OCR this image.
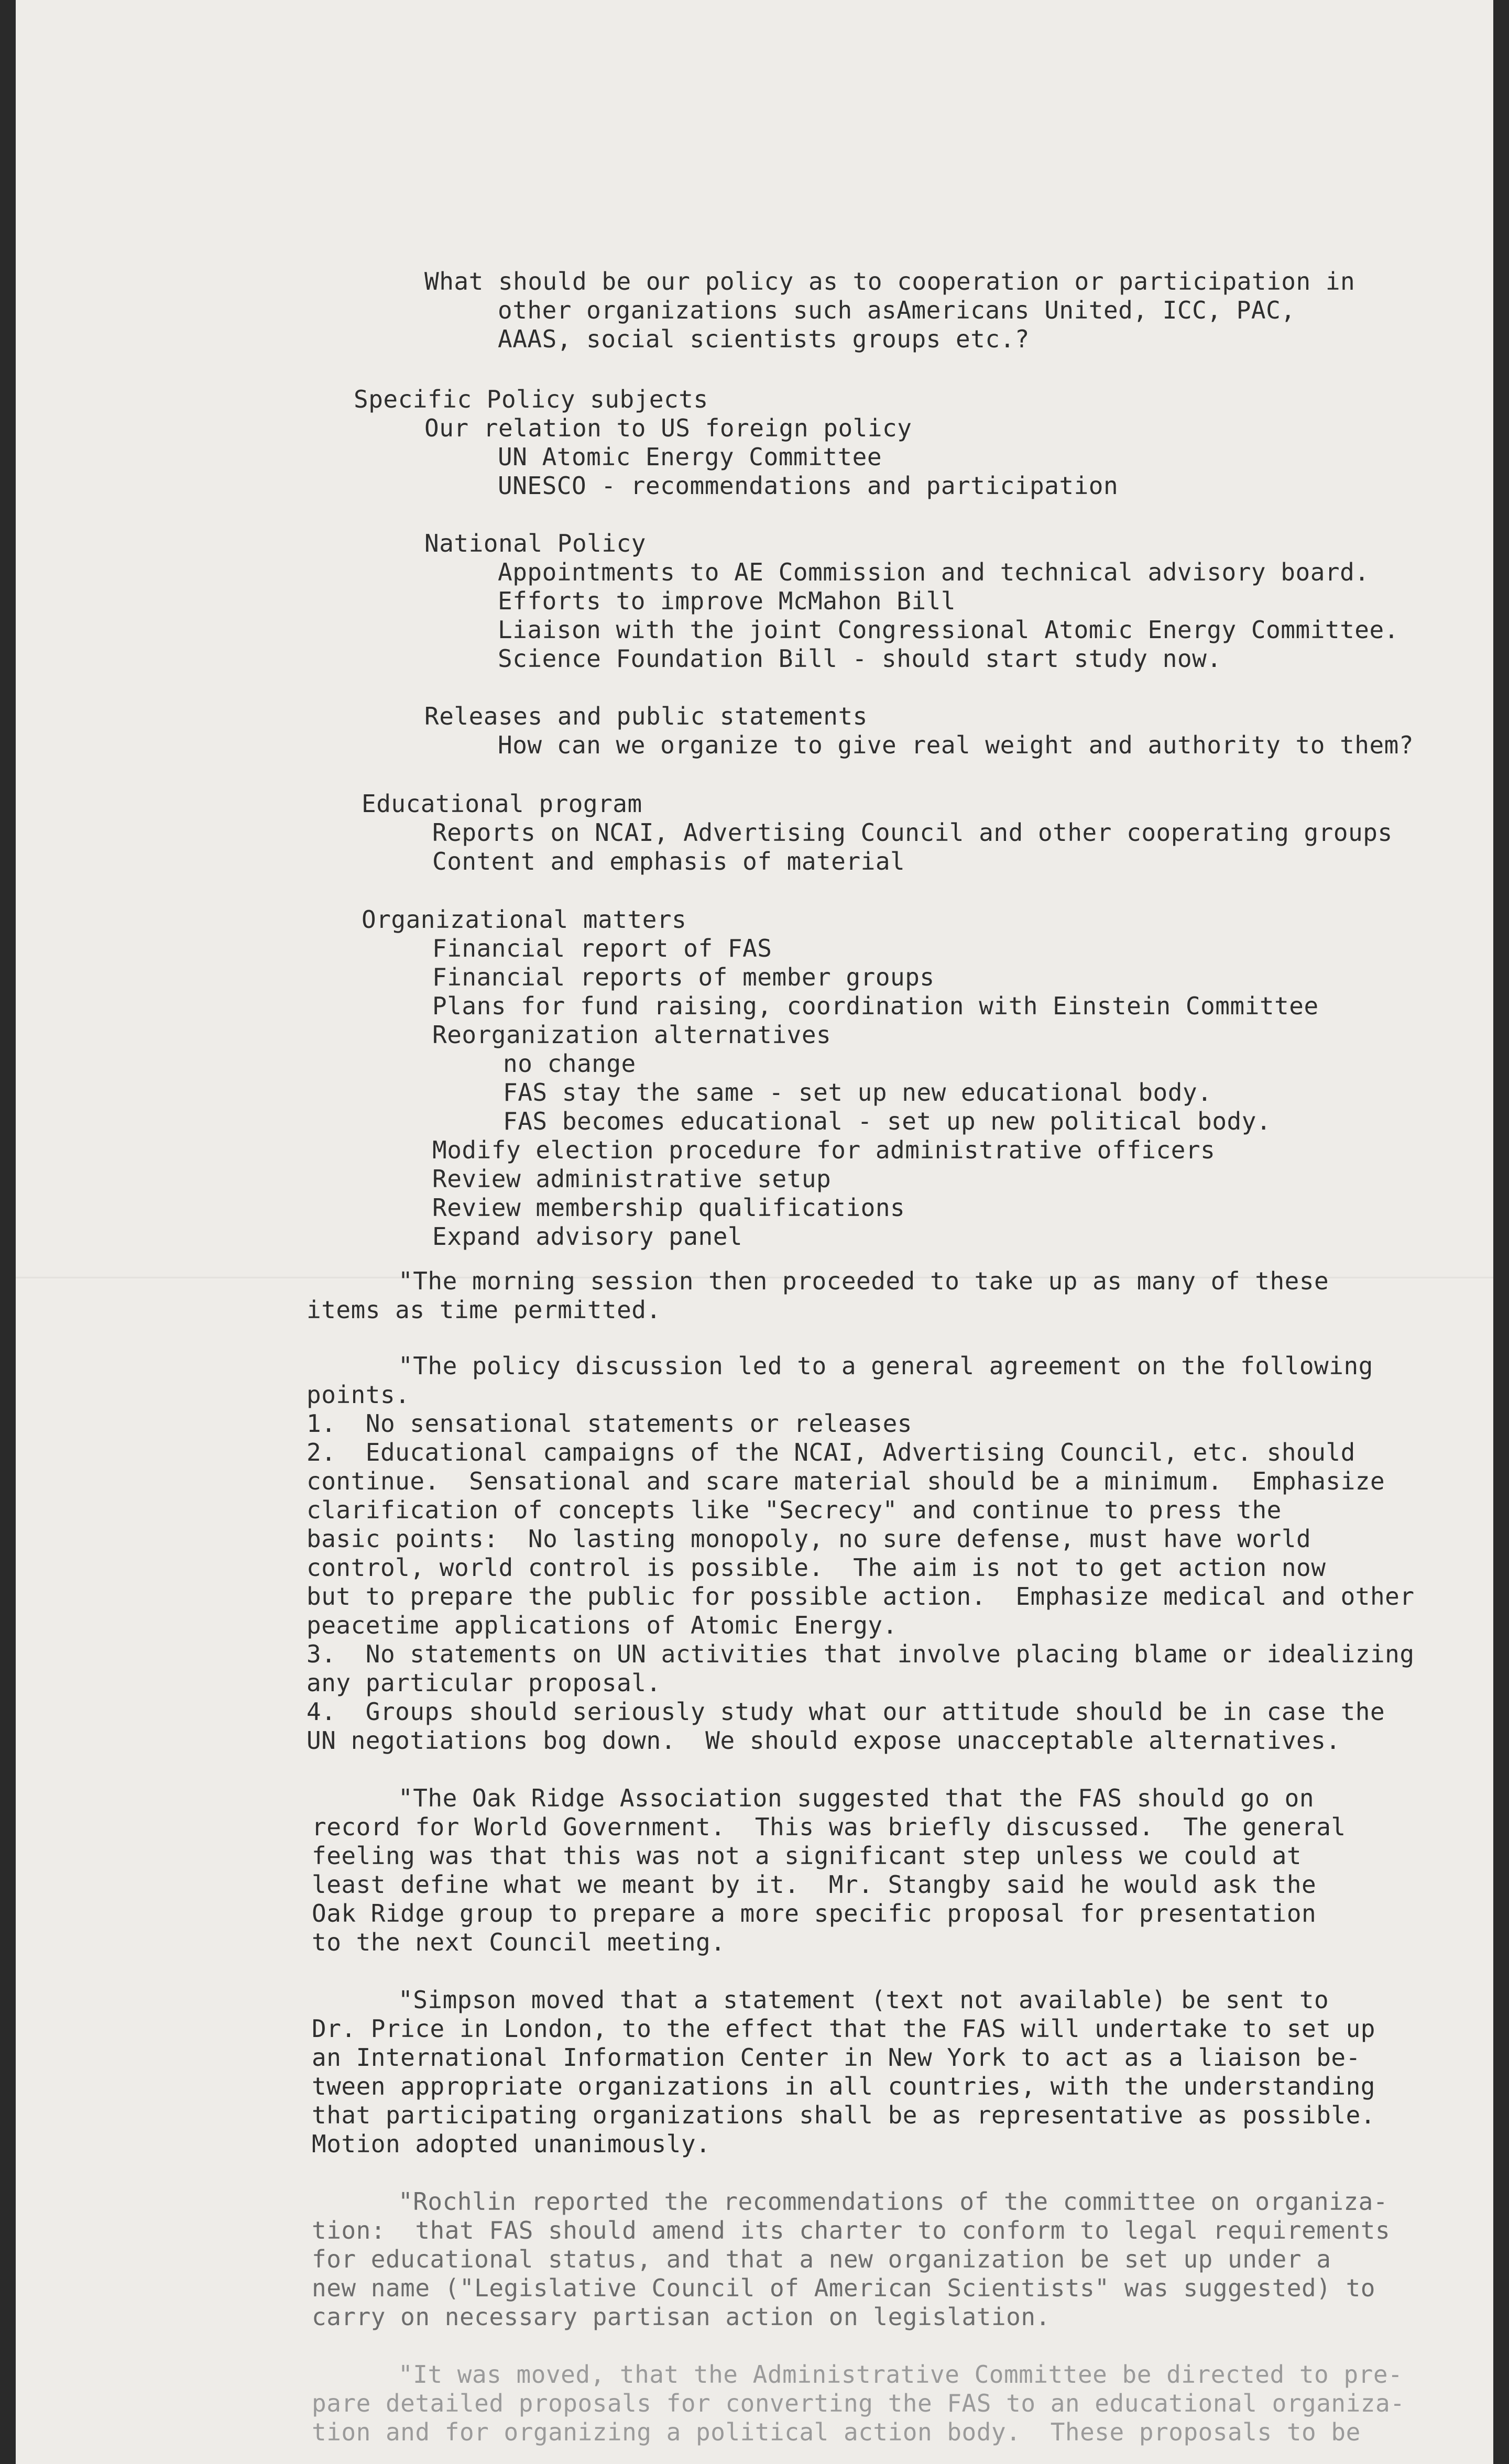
What should be our policy as to cooperation or participation in
other organizations such asAmericans United, ICC, PAC,
AAAS, social scientists groups etc.?
Specific Policy subjects
Our relation to US foreign policy
UN Atomic Energy Committee
UNESCO - recommendations and participation
National Policy
Appointments to AE Commission and technical advisory board.
Efforts to improve McMahon Bill
Liaison with the joint Congressional Atomic Energy Committee.
Science Foundation Bill - should start study now.
Releases and public statements
How can we organize to give real weight and authority to them?
Educational program
Reports on NCAI, Advertising Council and other cooperating groups
Content and emphasis of material
Organizational matters
Financial report of FAS
Financial reports of member groups
Plans for fund raising, coordination with Einstein Committee
Reorganization alternatives
no change
FAS stay the same - set up new educational body.
FAS becomes educational - set up new political body.
Modify election procedure for administrative officers
Review administrative setup
Review membership qualifications
Expand advisory panel
"The morning session then proceeded to take up as many of these
items as time permitted.
"The policy discussion led to a general agreement on the following
points.
1.  No sensational statements or releases
2.  Educational campaigns of the NCAI, Advertising Council, etc. should
continue.  Sensational and scare material should be a minimum.  Emphasize
clarification of concepts like "Secrecy" and continue to press the
basic points:  No lasting monopoly, no sure defense, must have world
control, world control is possible.  The aim is not to get action now
but to prepare the public for possible action.  Emphasize medical and other
peacetime applications of Atomic Energy.
3.  No statements on UN activities that involve placing blame or idealizing
any particular proposal.
4.  Groups should seriously study what our attitude should be in case the
UN negotiations bog down.  We should expose unacceptable alternatives.
"The Oak Ridge Association suggested that the FAS should go on
record for World Government.  This was briefly discussed.  The general
feeling was that this was not a significant step unless we could at
least define what we meant by it.  Mr. Stangby said he would ask the
Oak Ridge group to prepare a more specific proposal for presentation
to the next Council meeting.
"Simpson moved that a statement (text not available) be sent to
Dr. Price in London, to the effect that the FAS will undertake to set up
an International Information Center in New York to act as a liaison be-
tween appropriate organizations in all countries, with the understanding
that participating organizations shall be as representative as possible.
Motion adopted unanimously.
"Rochlin reported the recommendations of the committee on organiza-
tion:  that FAS should amend its charter to conform to legal requirements
for educational status, and that a new organization be set up under a
new name ("Legislative Council of American Scientists" was suggested) to
carry on necessary partisan action on legislation.
"It was moved, that the Administrative Committee be directed to pre-
pare detailed proposals for converting the FAS to an educational organiza-
tion and for organizing a political action body.  These proposals to be
